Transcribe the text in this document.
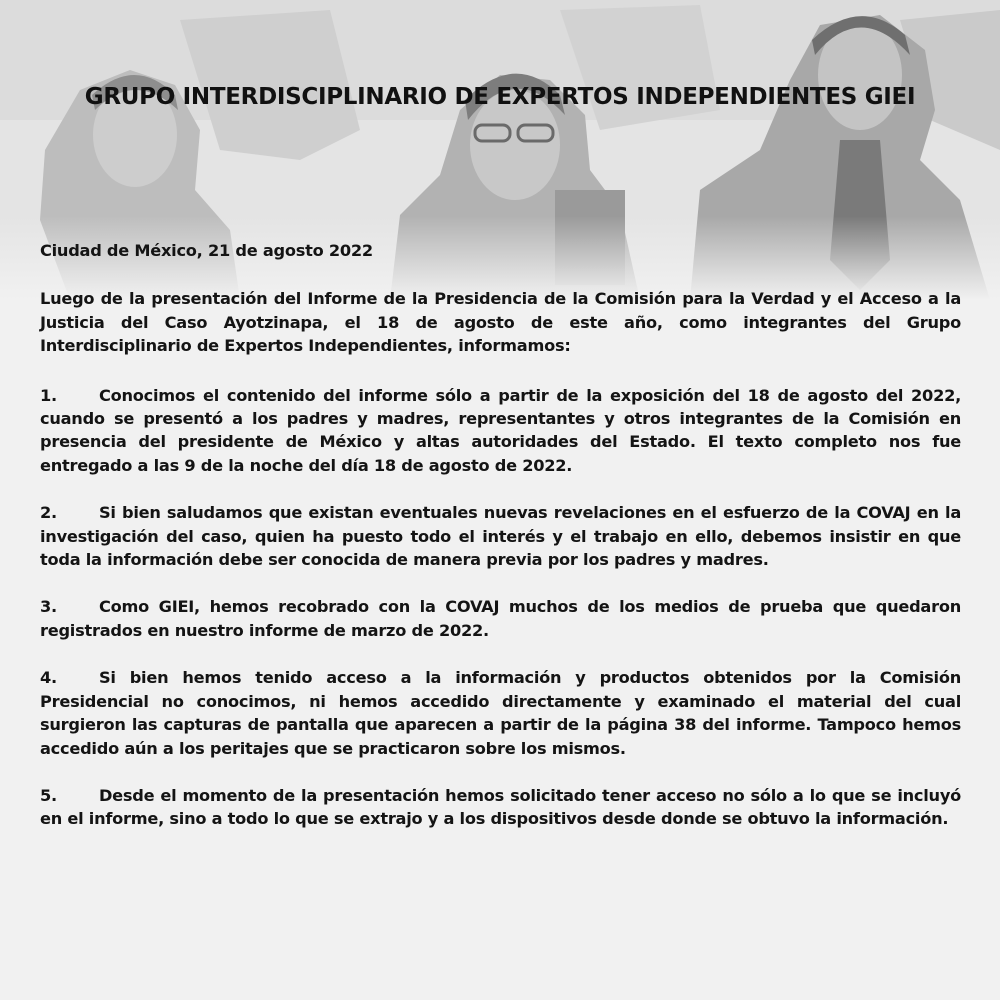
GRUPO INTERDISCIPLINARIO DE EXPERTOS INDEPENDIENTES GIEI

Ciudad de México, 21 de agosto 2022

Luego de la presentación del Informe de la Presidencia de la Comisión para la Verdad y el Acceso a la Justicia del Caso Ayotzinapa, el 18 de agosto de este año, como integrantes del Grupo Interdisciplinario de Expertos Independientes, informamos:

1.	Conocimos el contenido del informe sólo a partir de la exposición del 18 de agosto del 2022, cuando se presentó a los padres y madres, representantes y otros integrantes de la Comisión en presencia del presidente de México y altas autoridades del Estado. El texto completo nos fue entregado a las 9 de la noche del día 18 de agosto de 2022.

2.	Si bien saludamos que existan eventuales nuevas revelaciones en el esfuerzo de la COVAJ en la investigación del caso, quien ha puesto todo el interés y el trabajo en ello, debemos insistir en que toda la información debe ser conocida de manera previa por los padres y madres.

3.	Como GIEI, hemos recobrado con la COVAJ muchos de los medios de prueba que quedaron registrados en nuestro informe de marzo de 2022.

4.	Si bien hemos tenido acceso a la información y productos obtenidos por la Comisión Presidencial no conocimos, ni hemos accedido directamente y examinado el material del cual surgieron las capturas de pantalla que aparecen a partir de la página 38 del informe. Tampoco hemos accedido aún a los peritajes que se practicaron sobre los mismos.

5.	Desde el momento de la presentación hemos solicitado tener acceso no sólo a lo que se incluyó en el informe, sino a todo lo que se extrajo y a los dispositivos desde donde se obtuvo la información.
